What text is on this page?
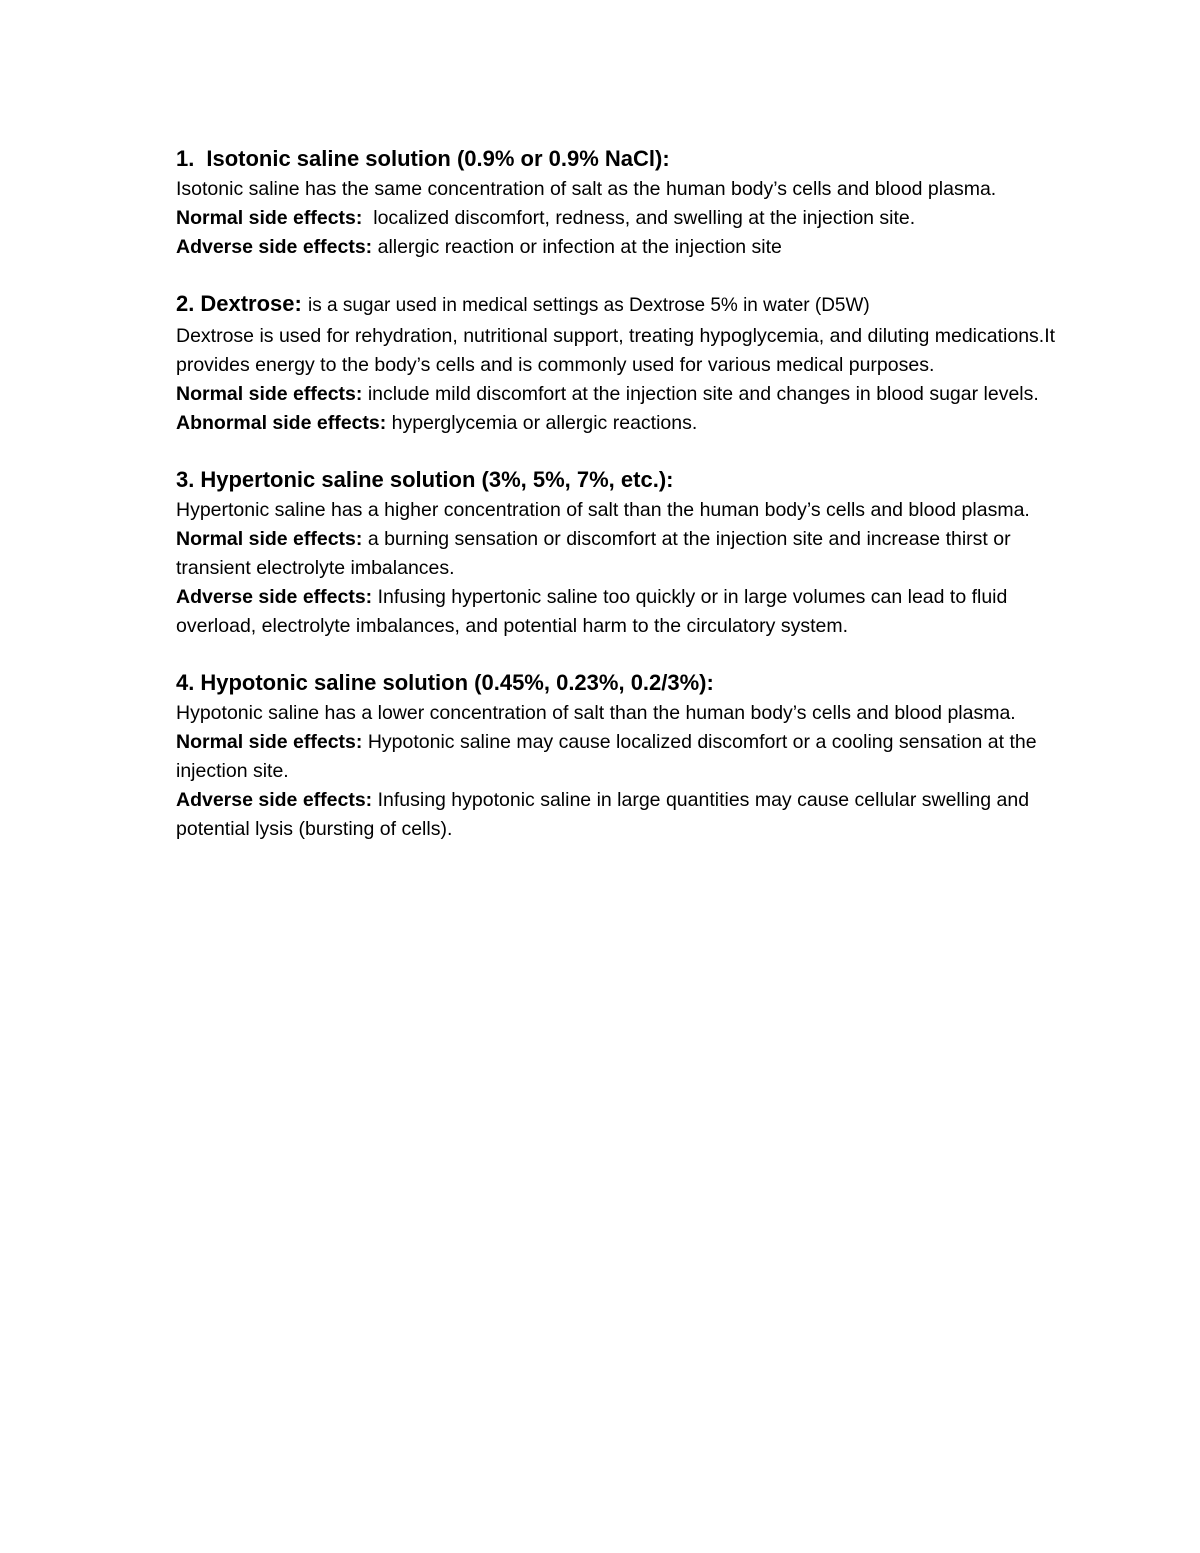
1. Isotonic saline solution (0.9% or 0.9% NaCl):

Isotonic saline has the same concentration of salt as the human body’s cells and blood plasma.

Normal side effects: localized discomfort, redness, and swelling at the injection site.

Adverse side effects: allergic reaction or infection at the injection site

2. Dextrose: is a sugar used in medical settings as Dextrose 5% in water (D5W)

Dextrose is used for rehydration, nutritional support, treating hypoglycemia, and diluting medications.It provides energy to the body’s cells and is commonly used for various medical purposes.

Normal side effects: include mild discomfort at the injection site and changes in blood sugar levels.

Abnormal side effects: hyperglycemia or allergic reactions.

3. Hypertonic saline solution (3%, 5%, 7%, etc.):

Hypertonic saline has a higher concentration of salt than the human body’s cells and blood plasma.

Normal side effects: a burning sensation or discomfort at the injection site and increase thirst or transient electrolyte imbalances.

Adverse side effects: Infusing hypertonic saline too quickly or in large volumes can lead to fluid overload, electrolyte imbalances, and potential harm to the circulatory system.

4. Hypotonic saline solution (0.45%, 0.23%, 0.2/3%):

Hypotonic saline has a lower concentration of salt than the human body’s cells and blood plasma.

Normal side effects: Hypotonic saline may cause localized discomfort or a cooling sensation at the injection site.

Adverse side effects: Infusing hypotonic saline in large quantities may cause cellular swelling and potential lysis (bursting of cells).
